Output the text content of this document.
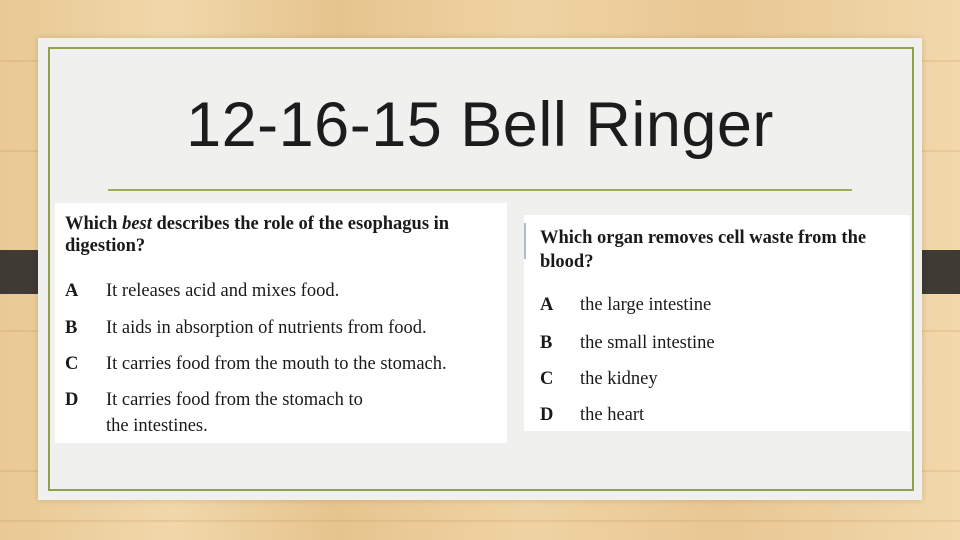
12-16-15 Bell Ringer
Which best describes the role of the esophagus in digestion?
A It releases acid and mixes food.
B It aids in absorption of nutrients from food.
C It carries food from the mouth to the stomach.
D It carries food from the stomach to
the intestines.
Which organ removes cell waste from the blood?
A the large intestine
B the small intestine
C the kidney
D the heart
